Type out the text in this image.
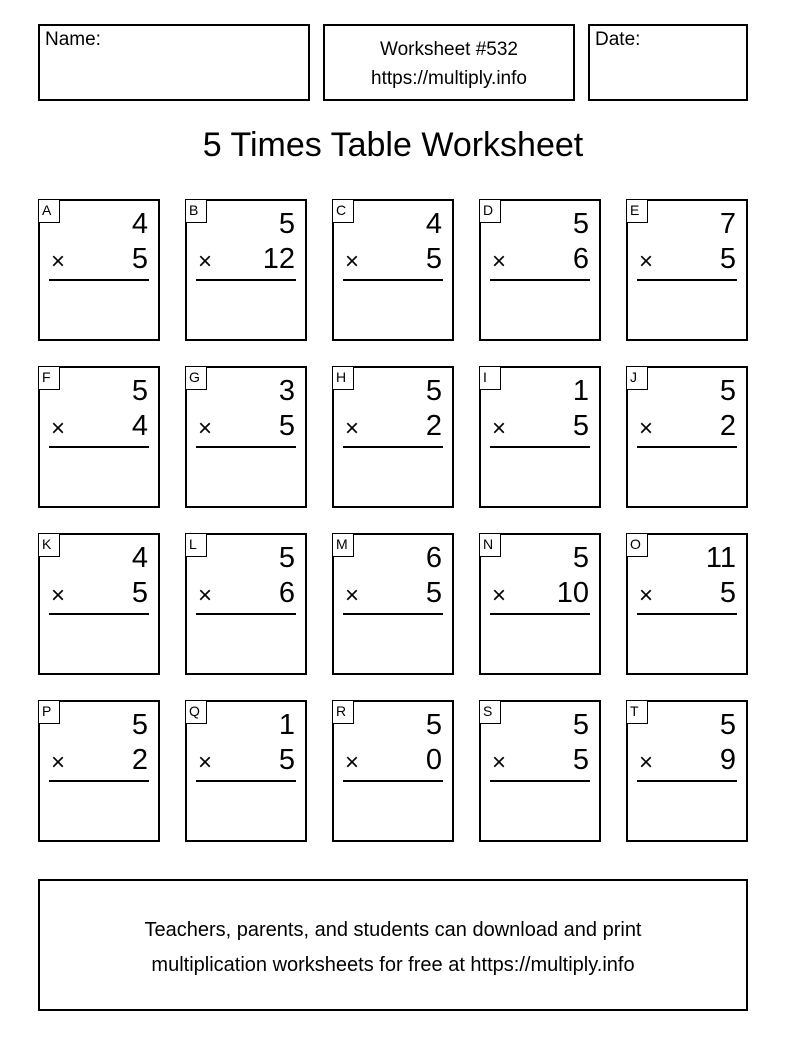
Name:	Worksheet #532
https://multiply.info
Date:
5 Times Table Worksheet
A	4
× 5
B	5
× 12
C	4
× 5
D	5
× 6
E	7
× 5
F	5
× 4
G	3
× 5
H	5
× 2
I	1
× 5
J	5
× 2
K	4
× 5
L	5
× 6
M	6
× 5
N	5
× 10
O 11
× 5
P	5
× 2
Q	1
× 5
R	5
× 0
S	5
× 5
T	5
× 9
Teachers, parents, and students can download and print
multiplication worksheets for free at https://multiply.info
